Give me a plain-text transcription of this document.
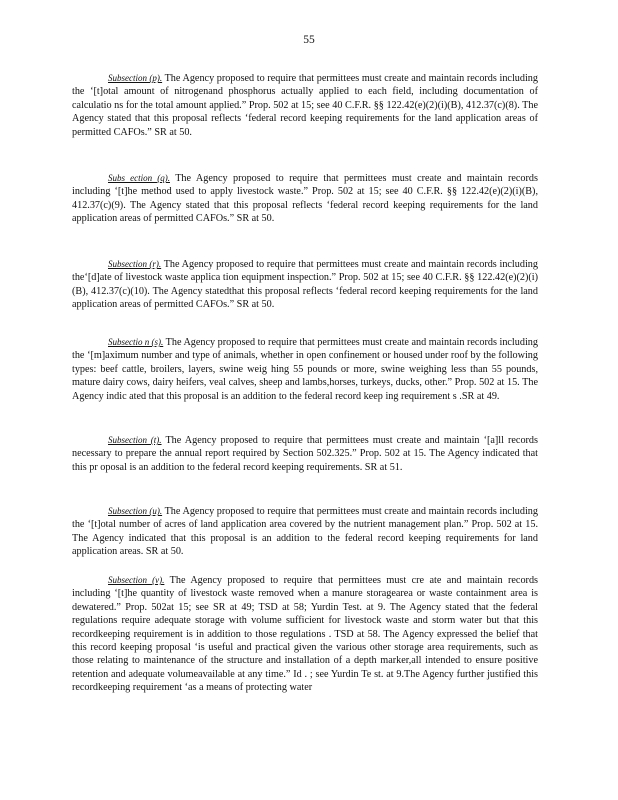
55

Subsection (p). The Agency proposed to require that permittees must create and maintain records including the ‘[t]otal amount of nitrogenand phosphorus actually applied to each field, including documentation of calculatio ns for the total amount applied.” Prop. 502 at 15; see 40 C.F.R. §§ 122.42(e)(2)(i)(B), 412.37(c)(8). The Agency stated that this proposal reflects ‘federal record keeping requirements for the land application areas of permitted CAFOs.” SR at 50.

Subs ection (q). The Agency proposed to require that permittees must create and maintain records including ‘[t]he method used to apply livestock waste.” Prop. 502 at 15; see 40 C.F.R. §§ 122.42(e)(2)(i)(B), 412.37(c)(9). The Agency stated that this proposal reflects ‘federal record keeping requirements for the land application areas of permitted CAFOs.” SR at 50.

Subsection (r). The Agency proposed to require that permittees must create and maintain records including the‘[d]ate of livestock waste applica tion equipment inspection.” Prop. 502 at 15; see 40 C.F.R. §§ 122.42(e)(2)(i)(B), 412.37(c)(10). The Agency statedthat this proposal reflects ‘federal record keeping requirements for the land application areas of permitted CAFOs.” SR at 50.

Subsectio n (s). The Agency proposed to require that permittees must create and maintain records including the ‘[m]aximum number and type of animals, whether in open confinement or housed under roof by the following types: beef cattle, broilers, layers, swine weig hing 55 pounds or more, swine weighing less than 55 pounds, mature dairy cows, dairy heifers, veal calves, sheep and lambs,horses, turkeys, ducks, other.” Prop. 502 at 15. The Agency indic ated that this proposal is an addition to the federal record keep ing requirement s .SR at 49.

Subsection (t). The Agency proposed to require that permittees must create and maintain ‘[a]ll records necessary to prepare the annual report required by Section 502.325.” Prop. 502 at 15. The Agency indicated that this pr oposal is an addition to the federal record keeping requirements. SR at 51.

Subsection (u). The Agency proposed to require that permittees must create and maintain records including the ‘[t]otal number of acres of land application area covered by the nutrient management plan.” Prop. 502 at 15. The Agency indicated that this proposal is an addition to the federal record keeping requirements for land application areas. SR at 50.

Subsection (v). The Agency proposed to require that permittees must cre ate and maintain records including ‘[t]he quantity of livestock waste removed when a manure storagearea or waste containment area is dewatered.” Prop. 502at 15; see SR at 49; TSD at 58; Yurdin Test. at 9. The Agency stated that the federal regulations require adequate storage with volume sufficient for livestock waste and storm water but that this recordkeeping requirement is in addition to those regulations . TSD at 58. The Agency expressed the belief that this record keeping proposal ‘is useful and practical given the various other storage area requirements, such as those relating to maintenance of the structure and installation of a depth marker,all intended to ensure positive retention and adequate volumeavailable at any time.” Id . ; see Yurdin Te st. at 9.The Agency further justified this recordkeeping requirement ‘as a means of protecting water
